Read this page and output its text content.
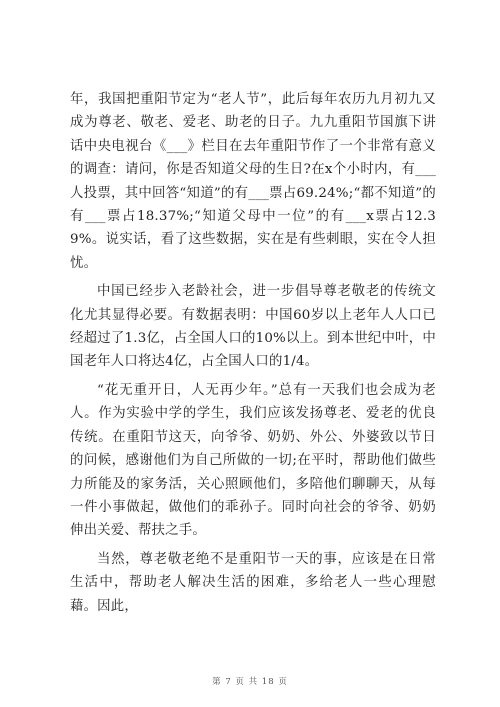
年，我国把重阳节定为“老人节”，此后每年农历九月初九又成为尊老、敬老、爱老、助老的日子。九九重阳节国旗下讲话中央电视台《___》栏目在去年重阳节作了一个非常有意义的调查：请问，你是否知道父母的生日?在x个小时内，有___人投票，其中回答“知道”的有___票占69.24%;“都不知道”的有___票占18.37%;“知道父母中一位”的有___x票占12.39%。说实话，看了这些数据，实在是有些刺眼，实在令人担忧。

中国已经步入老龄社会，进一步倡导尊老敬老的传统文化尤其显得必要。有数据表明：中国60岁以上老年人人口已经超过了1.3亿，占全国人口的10%以上。到本世纪中叶，中国老年人口将达4亿，占全国人口的1/4。

“花无重开日，人无再少年。”总有一天我们也会成为老人。作为实验中学的学生，我们应该发扬尊老、爱老的优良传统。在重阳节这天，向爷爷、奶奶、外公、外婆致以节日的问候，感谢他们为自己所做的一切;在平时，帮助他们做些力所能及的家务活，关心照顾他们，多陪他们聊聊天，从每一件小事做起，做他们的乖孙子。同时向社会的爷爷、奶奶伸出关爱、帮扶之手。

当然，尊老敬老绝不是重阳节一天的事，应该是在日常生活中，帮助老人解决生活的困难，多给老人一些心理慰藉。因此，

第 7 页 共 18 页
